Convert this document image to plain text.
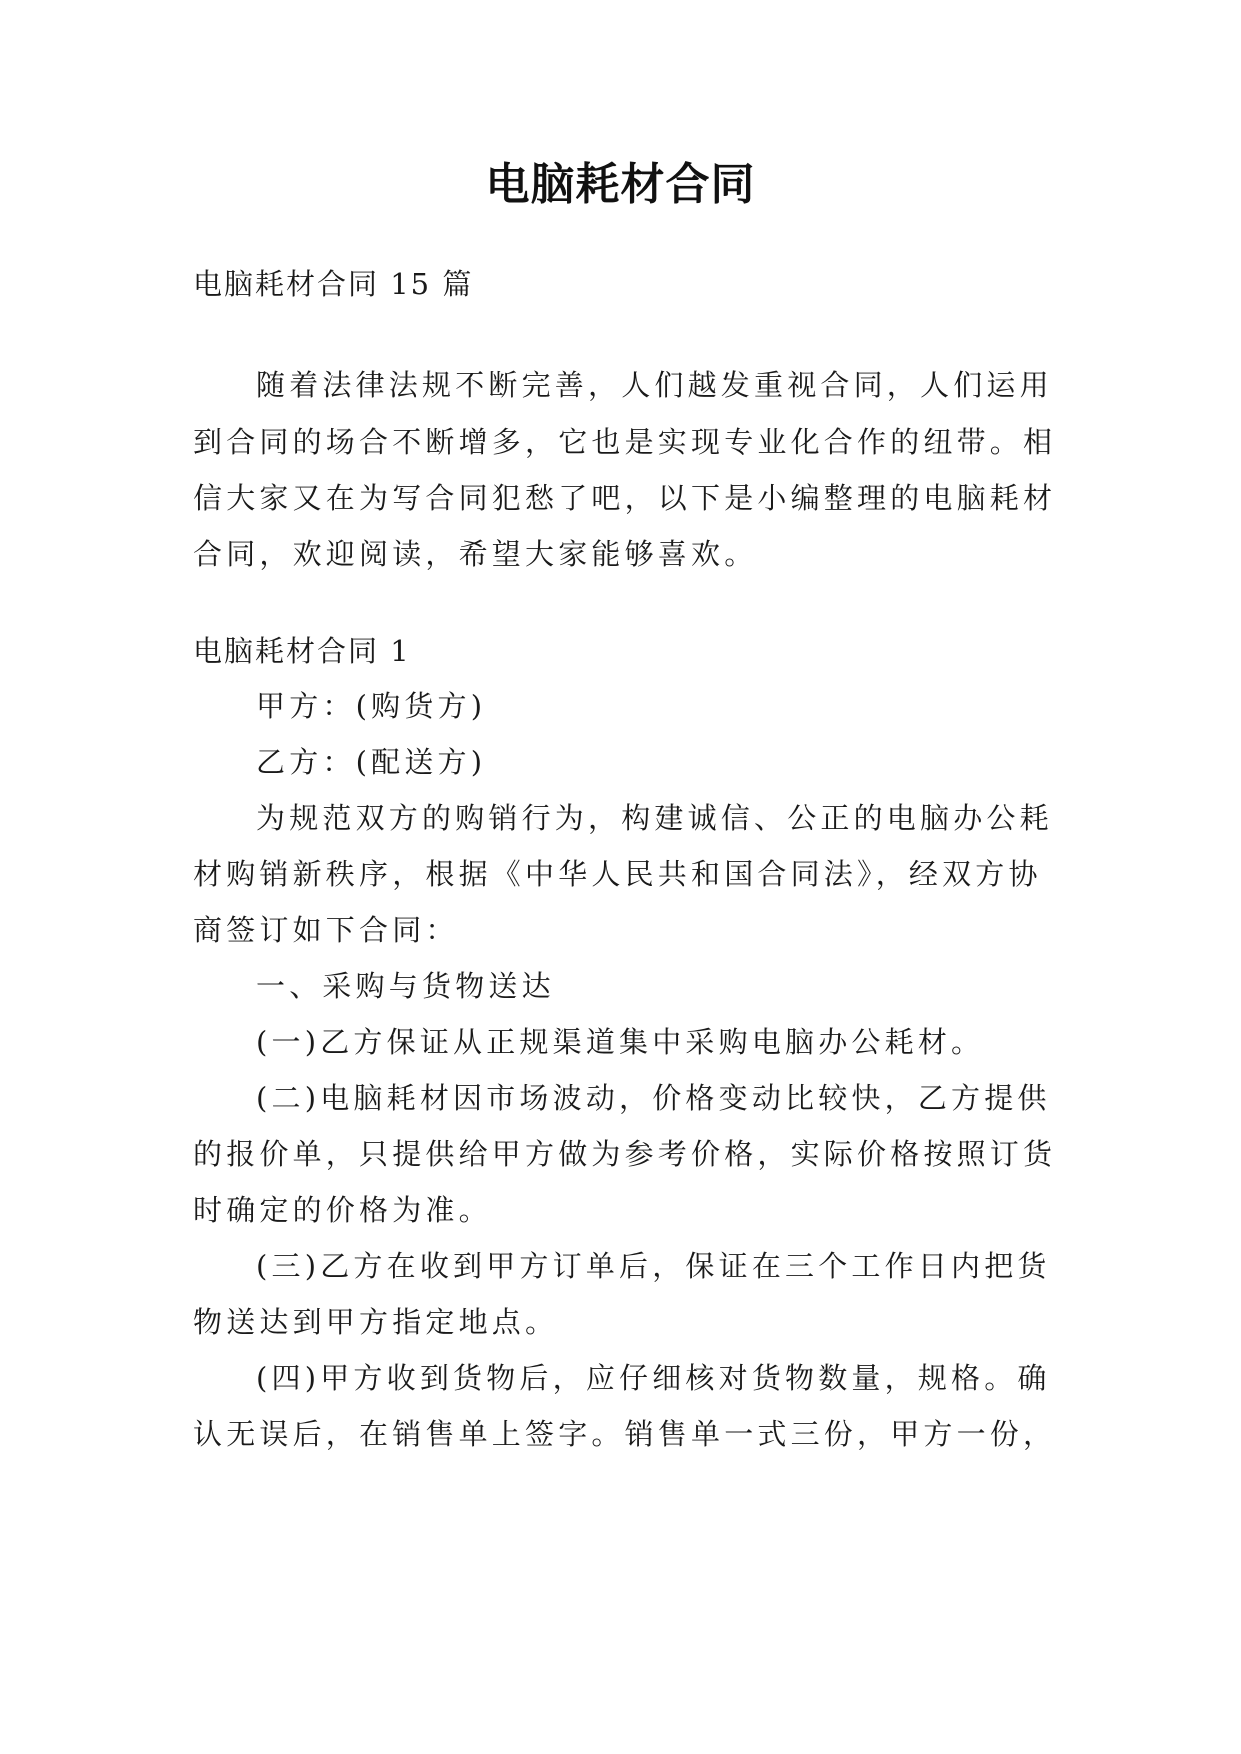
电脑耗材合同
电脑耗材合同 15 篇
随着法律法规不断完善，人们越发重视合同，人们运用
到合同的场合不断增多，它也是实现专业化合作的纽带。相
信大家又在为写合同犯愁了吧，以下是小编整理的电脑耗材
合同，欢迎阅读，希望大家能够喜欢。
电脑耗材合同 1
甲方：(购货方)
乙方：(配送方)
为规范双方的购销行为，构建诚信、公正的电脑办公耗
材购销新秩序，根据《中华人民共和国合同法》，经双方协
商签订如下合同：
一、采购与货物送达
(一)乙方保证从正规渠道集中采购电脑办公耗材。
(二)电脑耗材因市场波动，价格变动比较快，乙方提供
的报价单，只提供给甲方做为参考价格，实际价格按照订货
时确定的价格为准。
(三)乙方在收到甲方订单后，保证在三个工作日内把货
物送达到甲方指定地点。
(四)甲方收到货物后，应仔细核对货物数量，规格。确
认无误后，在销售单上签字。销售单一式三份，甲方一份，
